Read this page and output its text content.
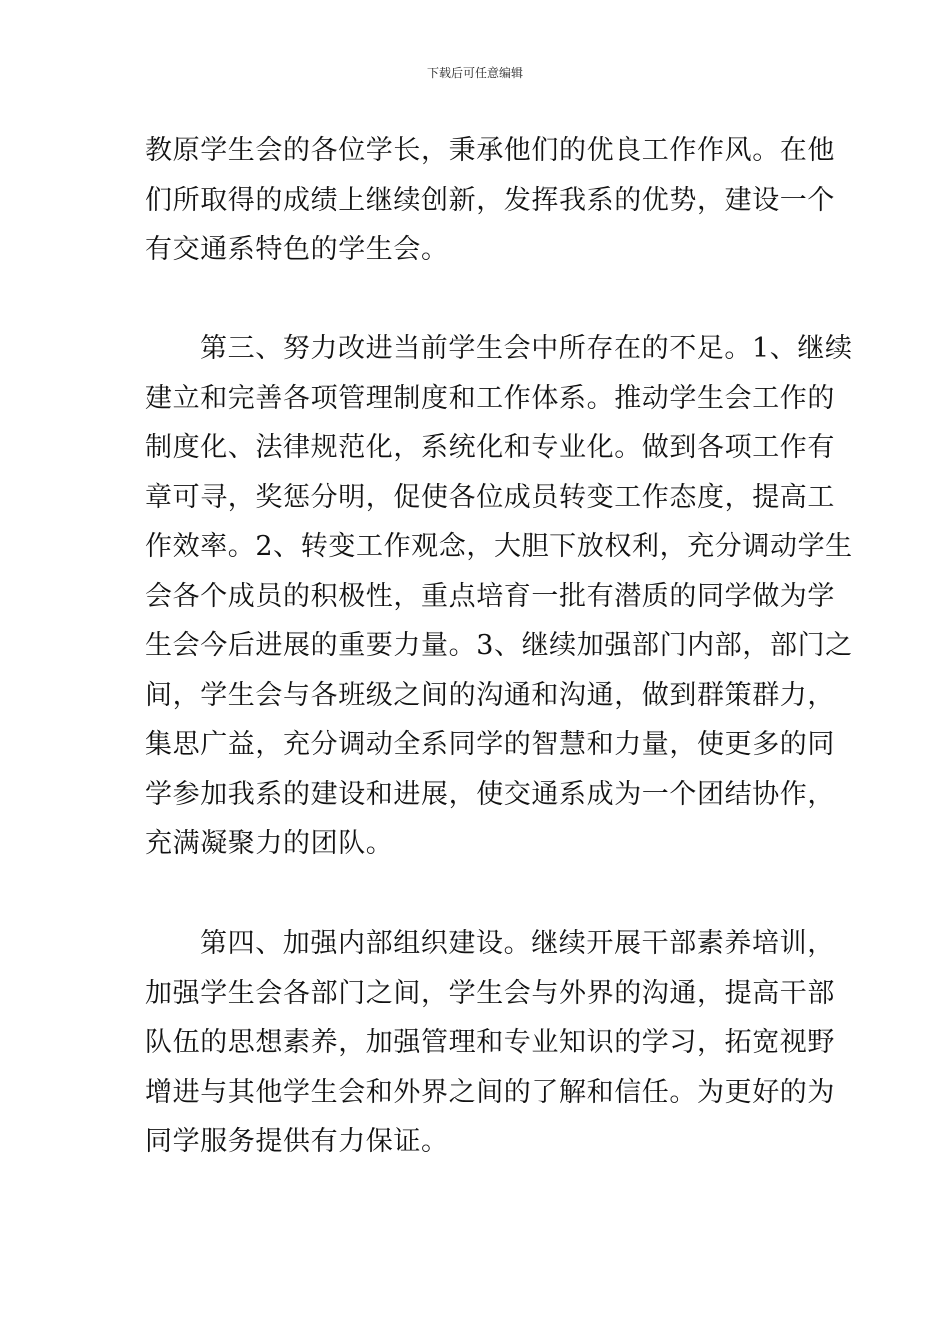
下载后可任意编辑
教原学生会的各位学长，秉承他们的优良工作作风。在他
们所取得的成绩上继续创新，发挥我系的优势，建设一个
有交通系特色的学生会。
第三、努力改进当前学生会中所存在的不足。1、继续
建立和完善各项管理制度和工作体系。推动学生会工作的
制度化、法律规范化，系统化和专业化。做到各项工作有
章可寻，奖惩分明，促使各位成员转变工作态度，提高工
作效率。2、转变工作观念，大胆下放权利，充分调动学生
会各个成员的积极性，重点培育一批有潜质的同学做为学
生会今后进展的重要力量。3、继续加强部门内部，部门之
间，学生会与各班级之间的沟通和沟通，做到群策群力，
集思广益，充分调动全系同学的智慧和力量，使更多的同
学参加我系的建设和进展，使交通系成为一个团结协作，
充满凝聚力的团队。
第四、加强内部组织建设。继续开展干部素养培训，
加强学生会各部门之间，学生会与外界的沟通，提高干部
队伍的思想素养，加强管理和专业知识的学习，拓宽视野
增进与其他学生会和外界之间的了解和信任。为更好的为
同学服务提供有力保证。
